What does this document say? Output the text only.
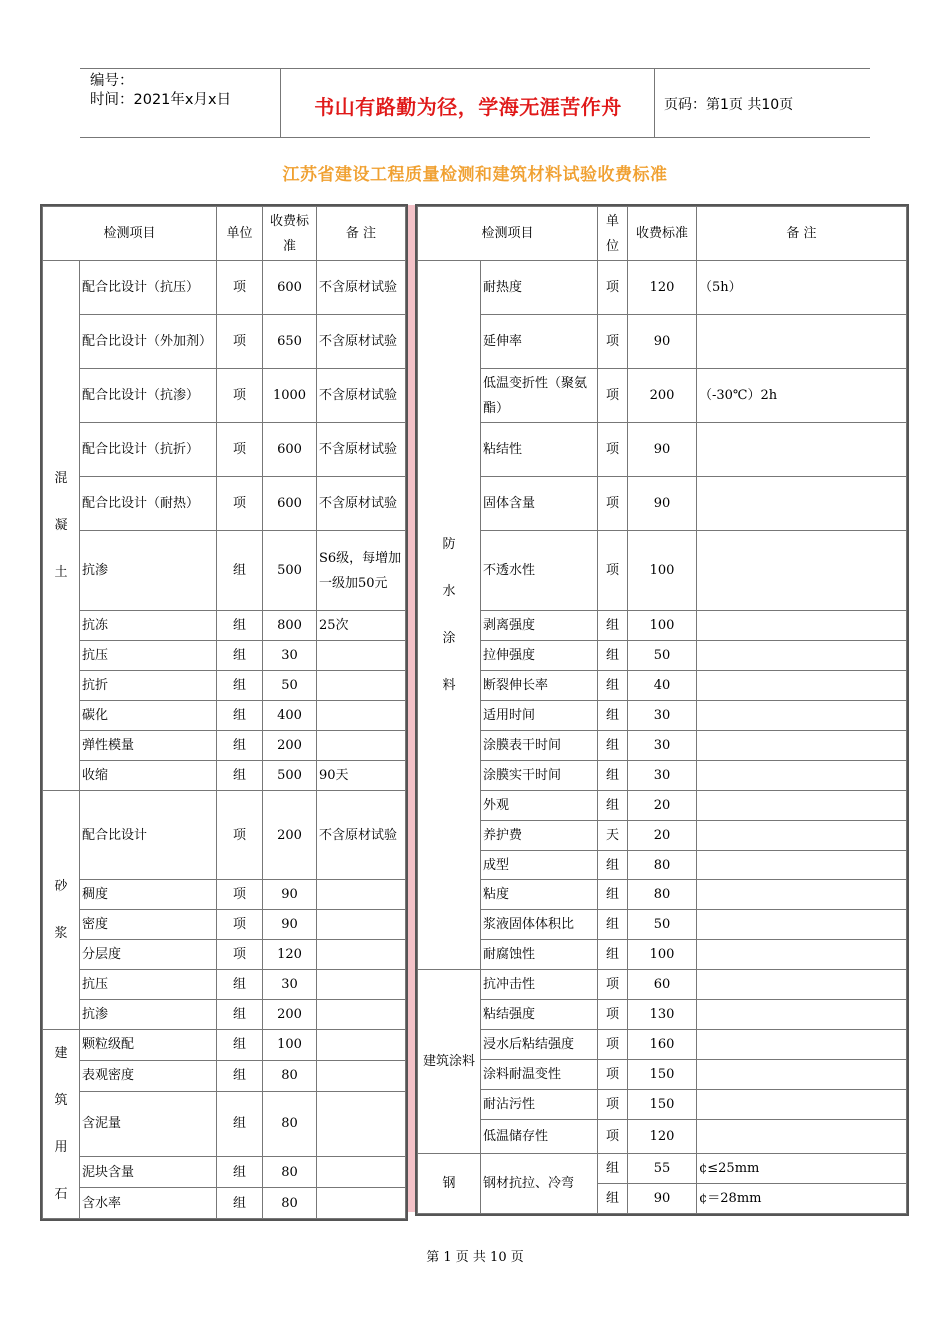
编号：
时间：2021年x月x日	书山有路勤为径，学海无涯苦作舟	页码：第1页 共10页
江苏省建设工程质量检测和建筑材料试验收费标准
检测项目		单位	收费标准	备 注
混凝土	配合比设计（抗压）	项	600	不含原材试验
	配合比设计（外加剂）	项	650	不含原材试验
	配合比设计（抗渗）	项	1000	不含原材试验
	配合比设计（抗折）	项	600	不含原材试验
	配合比设计（耐热）	项	600	不含原材试验
	抗渗	组	500	S6级，每增加一级加50元
	抗冻	组	800	25次
	抗压	组	30	
	抗折	组	50	
	碳化	组	400	
	弹性模量	组	200	
	收缩	组	500	90天
砂浆	配合比设计	项	200	不含原材试验
	稠度	项	90	
	密度	项	90	
	分层度	项	120	
	抗压	组	30	
	抗渗	组	200	
建筑用石	颗粒级配	组	100	
	表观密度	组	80	
	含泥量	组	80	
	泥块含量	组	80	
	含水率	组	80	
检测项目		单位	收费标准	备 注
防水涂料	耐热度	项	120	（5h）
	延伸率	项	90	
	低温变折性（聚氨酯）	项	200	（-30℃）2h
	粘结性	项	90	
	固体含量	项	90	
	不透水性	项	100	
	剥离强度	组	100	
	拉伸强度	组	50	
	断裂伸长率	组	40	
	适用时间	组	30	
	涂膜表干时间	组	30	
	涂膜实干时间	组	30	
	外观	组	20	
	养护费	天	20	
	成型	组	80	
	粘度	组	80	
	浆液固体体积比	组	50	
	耐腐蚀性	组	100	
建筑涂料	抗冲击性	项	60	
	粘结强度	项	130	
	浸水后粘结强度	项	160	
	涂料耐温变性	项	150	
	耐沾污性	项	150	
	低温储存性	项	120	
钢	钢材抗拉、冷弯	组	55	¢≤25mm
		组	90	¢＝28mm
第 1 页 共 10 页
